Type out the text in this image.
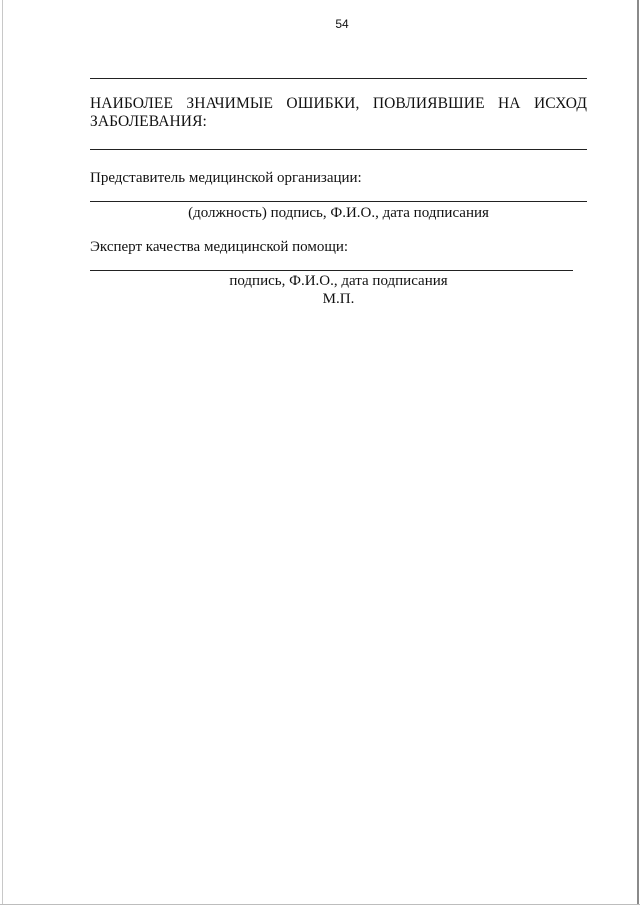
54
НАИБОЛЕЕ ЗНАЧИМЫЕ ОШИБКИ, ПОВЛИЯВШИЕ НА ИСХОД ЗАБОЛЕВАНИЯ:
Представитель медицинской организации:
(должность) подпись, Ф.И.О., дата подписания
Эксперт качества медицинской помощи:
подпись, Ф.И.О., дата подписания
М.П.
